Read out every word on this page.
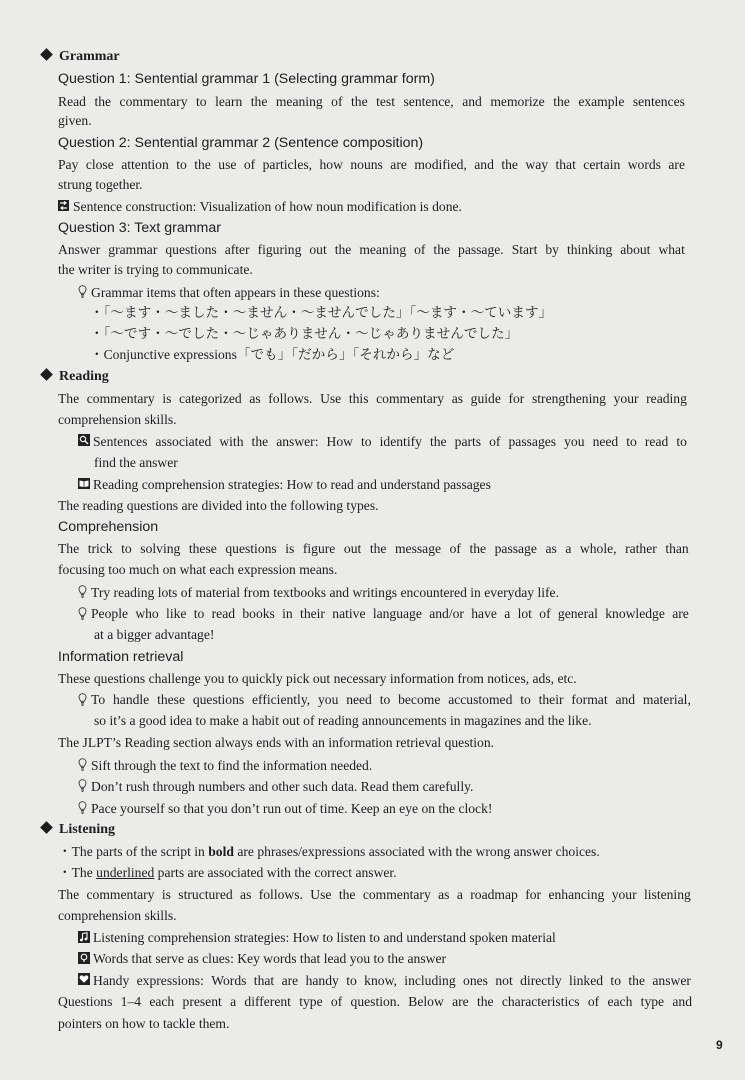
Grammar
Question 1: Sentential grammar 1 (Selecting grammar form)
Read the commentary to learn the meaning of the test sentence, and memorize the example sentences
given.
Question 2: Sentential grammar 2 (Sentence composition)
Pay close attention to the use of particles, how nouns are modified, and the way that certain words are
strung together.
Sentence construction: Visualization of how noun modification is done.
Question 3: Text grammar
Answer grammar questions after figuring out the meaning of the passage. Start by thinking about what
the writer is trying to communicate.
Grammar items that often appears in these questions:
・「～ます・～ました・～ません・～ませんでした」「～ます・～ています」
・「～です・～でした・～じゃありません・～じゃありませんでした」
・Conjunctive expressions「でも」「だから」「それから」など
Reading
The commentary is categorized as follows. Use this commentary as guide for strengthening your reading
comprehension skills.
Sentences associated with the answer: How to identify the parts of passages you need to read to
find the answer
Reading comprehension strategies: How to read and understand passages
The reading questions are divided into the following types.
Comprehension
The trick to solving these questions is figure out the message of the passage as a whole, rather than
focusing too much on what each expression means.
Try reading lots of material from textbooks and writings encountered in everyday life.
People who like to read books in their native language and/or have a lot of general knowledge are
at a bigger advantage!
Information retrieval
These questions challenge you to quickly pick out necessary information from notices, ads, etc.
To handle these questions efficiently, you need to become accustomed to their format and material,
so it’s a good idea to make a habit out of reading announcements in magazines and the like.
The JLPT’s Reading section always ends with an information retrieval question.
Sift through the text to find the information needed.
Don’t rush through numbers and other such data. Read them carefully.
Pace yourself so that you don’t run out of time. Keep an eye on the clock!
Listening
・The parts of the script in bold are phrases/expressions associated with the wrong answer choices.
・The underlined parts are associated with the correct answer.
The commentary is structured as follows. Use the commentary as a roadmap for enhancing your listening
comprehension skills.
Listening comprehension strategies: How to listen to and understand spoken material
Words that serve as clues: Key words that lead you to the answer
Handy expressions: Words that are handy to know, including ones not directly linked to the answer
Questions 1–4 each present a different type of question. Below are the characteristics of each type and
pointers on how to tackle them.
9
